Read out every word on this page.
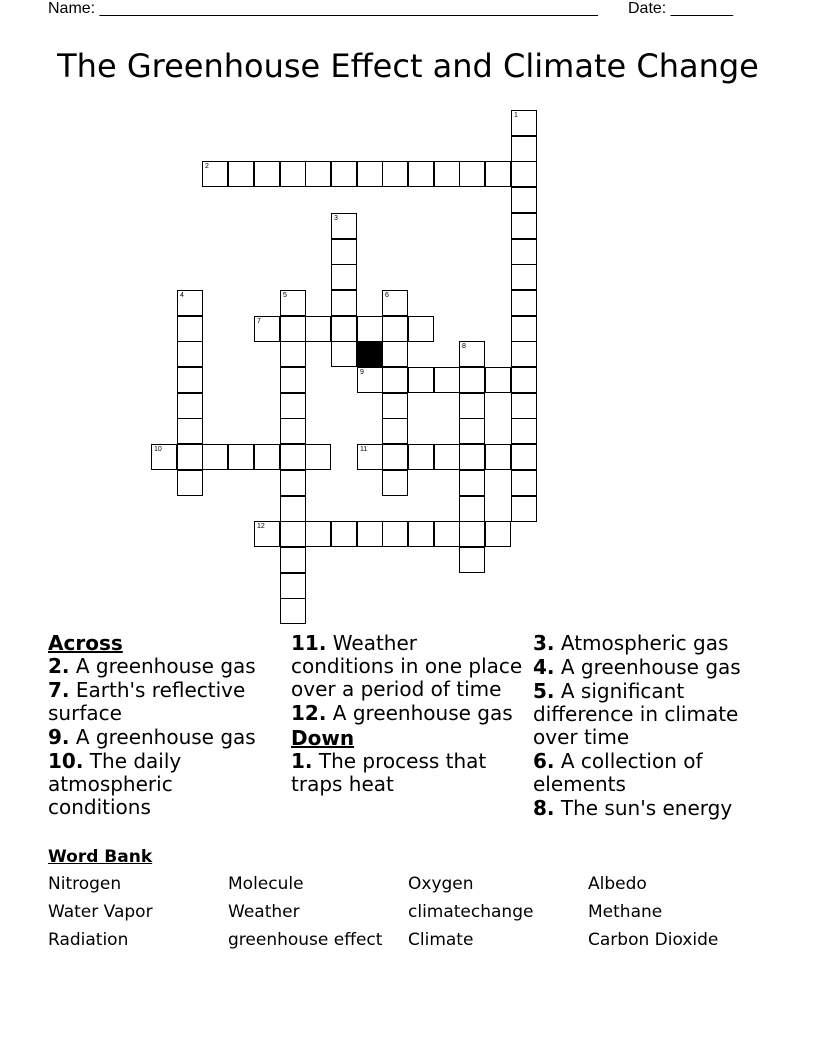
Name: ________________________________________________________ Date: _______
The Greenhouse Effect and Climate Change
1
2
3
4	5	6
7
8
9
10	11
12
Across
2. A greenhouse gas
7. Earth's reflective surface
9. A greenhouse gas
10. The daily atmospheric conditions
11. Weather conditions in one place over a period of time
12. A greenhouse gas
Down
1. The process that traps heat
3. Atmospheric gas
4. A greenhouse gas
5. A significant difference in climate over time
6. A collection of elements
8. The sun's energy
Word Bank
Nitrogen	Molecule	Oxygen	Albedo
Water Vapor	Weather	climatechange	Methane
Radiation	greenhouse effect	Climate	Carbon Dioxide
